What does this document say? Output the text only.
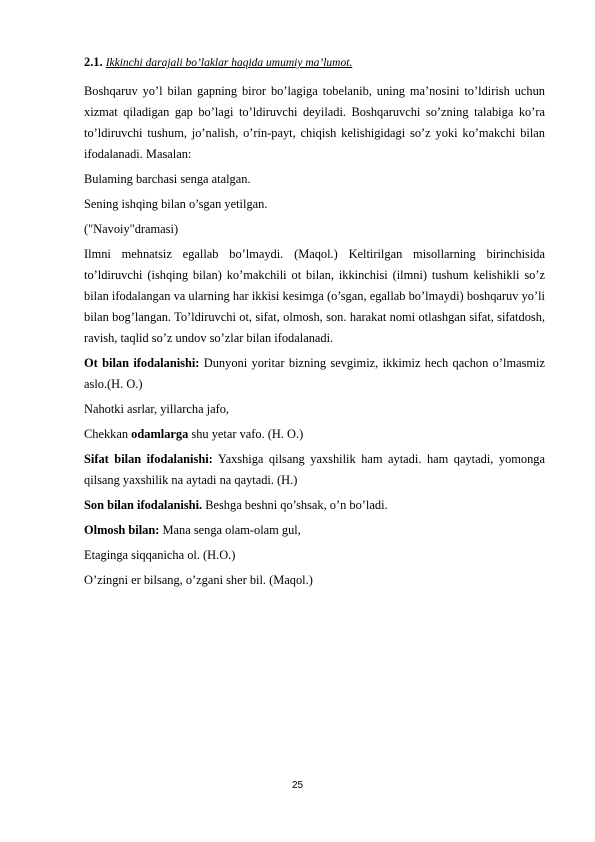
2.1. Ikkinchi darajali bo’laklar haqida umumiy ma’lumot.

Boshqaruv yo’l bilan gapning biror bo’lagiga tobelanib, uning ma’nosini to’ldirish uchun xizmat qiladigan gap bo’lagi to’ldiruvchi deyiladi. Boshqaruvchi so’zning talabiga ko’ra to’ldiruvchi tushum, jo’nalish, o’rin-payt, chiqish kelishigidagi so’z yoki ko’makchi bilan ifodalanadi. Masalan:

Bulaming barchasi senga atalgan.

Sening ishqing bilan o’sgan yetilgan.

("Navoiy"dramasi)

Ilmni mehnatsiz egallab bo’lmaydi. (Maqol.) Keltirilgan misollarning birinchisida to’ldiruvchi (ishqing bilan) ko’makchili ot bilan, ikkinchisi (ilmni) tushum kelishikli so’z bilan ifodalangan va ularning har ikkisi kesimga (o’sgan, egallab bo’lmaydi) boshqaruv yo’li bilan bog’langan. To’ldiruvchi ot, sifat, olmosh, son. harakat nomi otlashgan sifat, sifatdosh, ravish, taqlid so’z undov so’zlar bilan ifodalanadi.

Ot bilan ifodalanishi: Dunyoni yoritar bizning sevgimiz, ikkimiz hech qachon o’lmasmiz aslo.(H. O.)

Nahotki asrlar, yillarcha jafo,

Chekkan odamlarga shu yetar vafo. (H. O.)

Sifat bilan ifodalanishi: Yaxshiga qilsang yaxshilik ham aytadi. ham qaytadi, yomonga qilsang yaxshilik na aytadi na qaytadi. (H.)

Son bilan ifodalanishi. Beshga beshni qo’shsak, o’n bo’ladi.

Olmosh bilan: Mana senga olam-olam gul,

Etaginga siqqanicha ol. (H.O.)

O’zingni er bilsang, o’zgani sher bil. (Maqol.)

25
